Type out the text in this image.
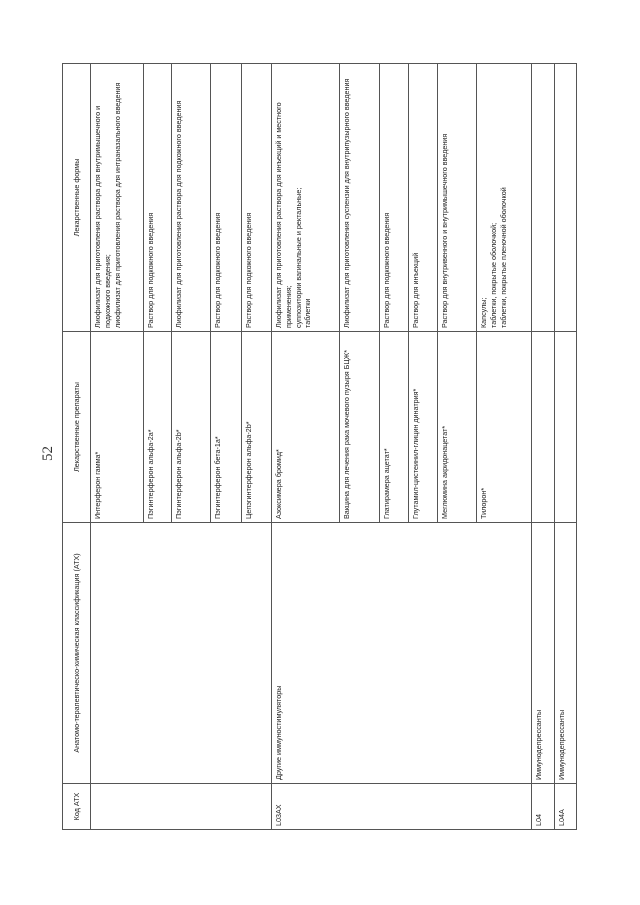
52
Код АТХ	Анатомо-терапевтическо-химическая классификация (АТХ)	Лекарственные препараты	Лекарственные формы
		Интерферон гамма*	Лиофилизат для приготовления раствора для внутримышечного и подкожного введения; лиофилизат для приготовления раствора для интраназального введения

		Пэгинтерферон альфа-2а*	Раствор для подкожного введения

		Пэгинтерферон альфа-2b*	Лиофилизат для приготовления раствора для подкожного введения

		Пэгинтерферон бета-1а*	Раствор для подкожного введения

		Цепэгинтерферон альфа-2b*	Раствор для подкожного введения

L03AX	Другие иммуностимуляторы	Азоксимера бромид*	Лиофилизат для приготовления раствора для инъекций и местного применения; суппозитории вагинальные и ректальные; таблетки

		Вакцина для лечения рака мочевого пузыря БЦЖ*	Лиофилизат для приготовления суспензии для внутрипузырного введения

		Глатирамера ацетат*	Раствор для подкожного введения

		Глутамил-цистеинил-глицин динатрия*	Раствор для инъекций

		Меглюмина акридонацетат*	Раствор для внутривенного и внутримышечного введения

		Тилорон*	Капсулы; таблетки, покрытые оболочкой; таблетки, покрытые пленочной оболочкой

L04	Иммунодепрессанты		
L04A	Иммунодепрессанты		
